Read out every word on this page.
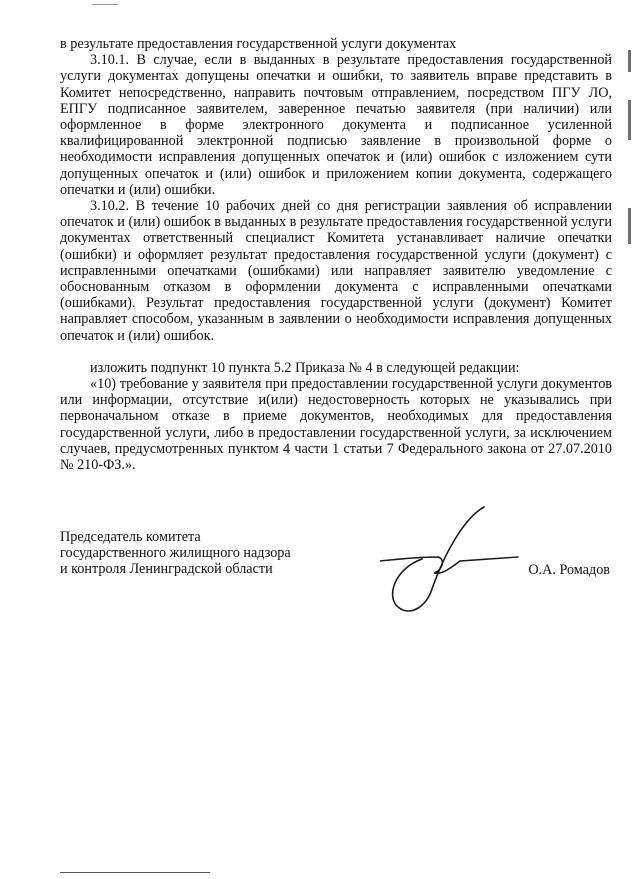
в результате предоставления государственной услуги документах

3.10.1. В случае, если в выданных в результате предоставления государственной услуги документах допущены опечатки и ошибки, то заявитель вправе представить в Комитет непосредственно, направить почтовым отправлением, посредством ПГУ ЛО, ЕПГУ подписанное заявителем, заверенное печатью заявителя (при наличии) или оформленное в форме электронного документа и подписанное усиленной квалифицированной электронной подписью заявление в произвольной форме о необходимости исправления допущенных опечаток и (или) ошибок с изложением сути допущенных опечаток и (или) ошибок и приложением копии документа, содержащего опечатки и (или) ошибки.

3.10.2. В течение 10 рабочих дней со дня регистрации заявления об исправлении опечаток и (или) ошибок в выданных в результате предоставления государственной услуги документах ответственный специалист Комитета устанавливает наличие опечатки (ошибки) и оформляет результат предоставления государственной услуги (документ) с исправленными опечатками (ошибками) или направляет заявителю уведомление с обоснованным отказом в оформлении документа с исправленными опечатками (ошибками). Результат предоставления государственной услуги (документ) Комитет направляет способом, указанным в заявлении о необходимости исправления допущенных опечаток и (или) ошибок.

изложить подпункт 10 пункта 5.2 Приказа № 4 в следующей редакции:

«10) требование у заявителя при предоставлении государственной услуги документов или информации, отсутствие и(или) недостоверность которых не указывались при первоначальном отказе в приеме документов, необходимых для предоставления государственной услуги, либо в предоставлении государственной услуги, за исключением случаев, предусмотренных пунктом 4 части 1 статьи 7 Федерального закона от 27.07.2010 № 210-ФЗ.».

Председатель комитета
государственного жилищного надзора
и контроля Ленинградской области	О.А. Ромадов
